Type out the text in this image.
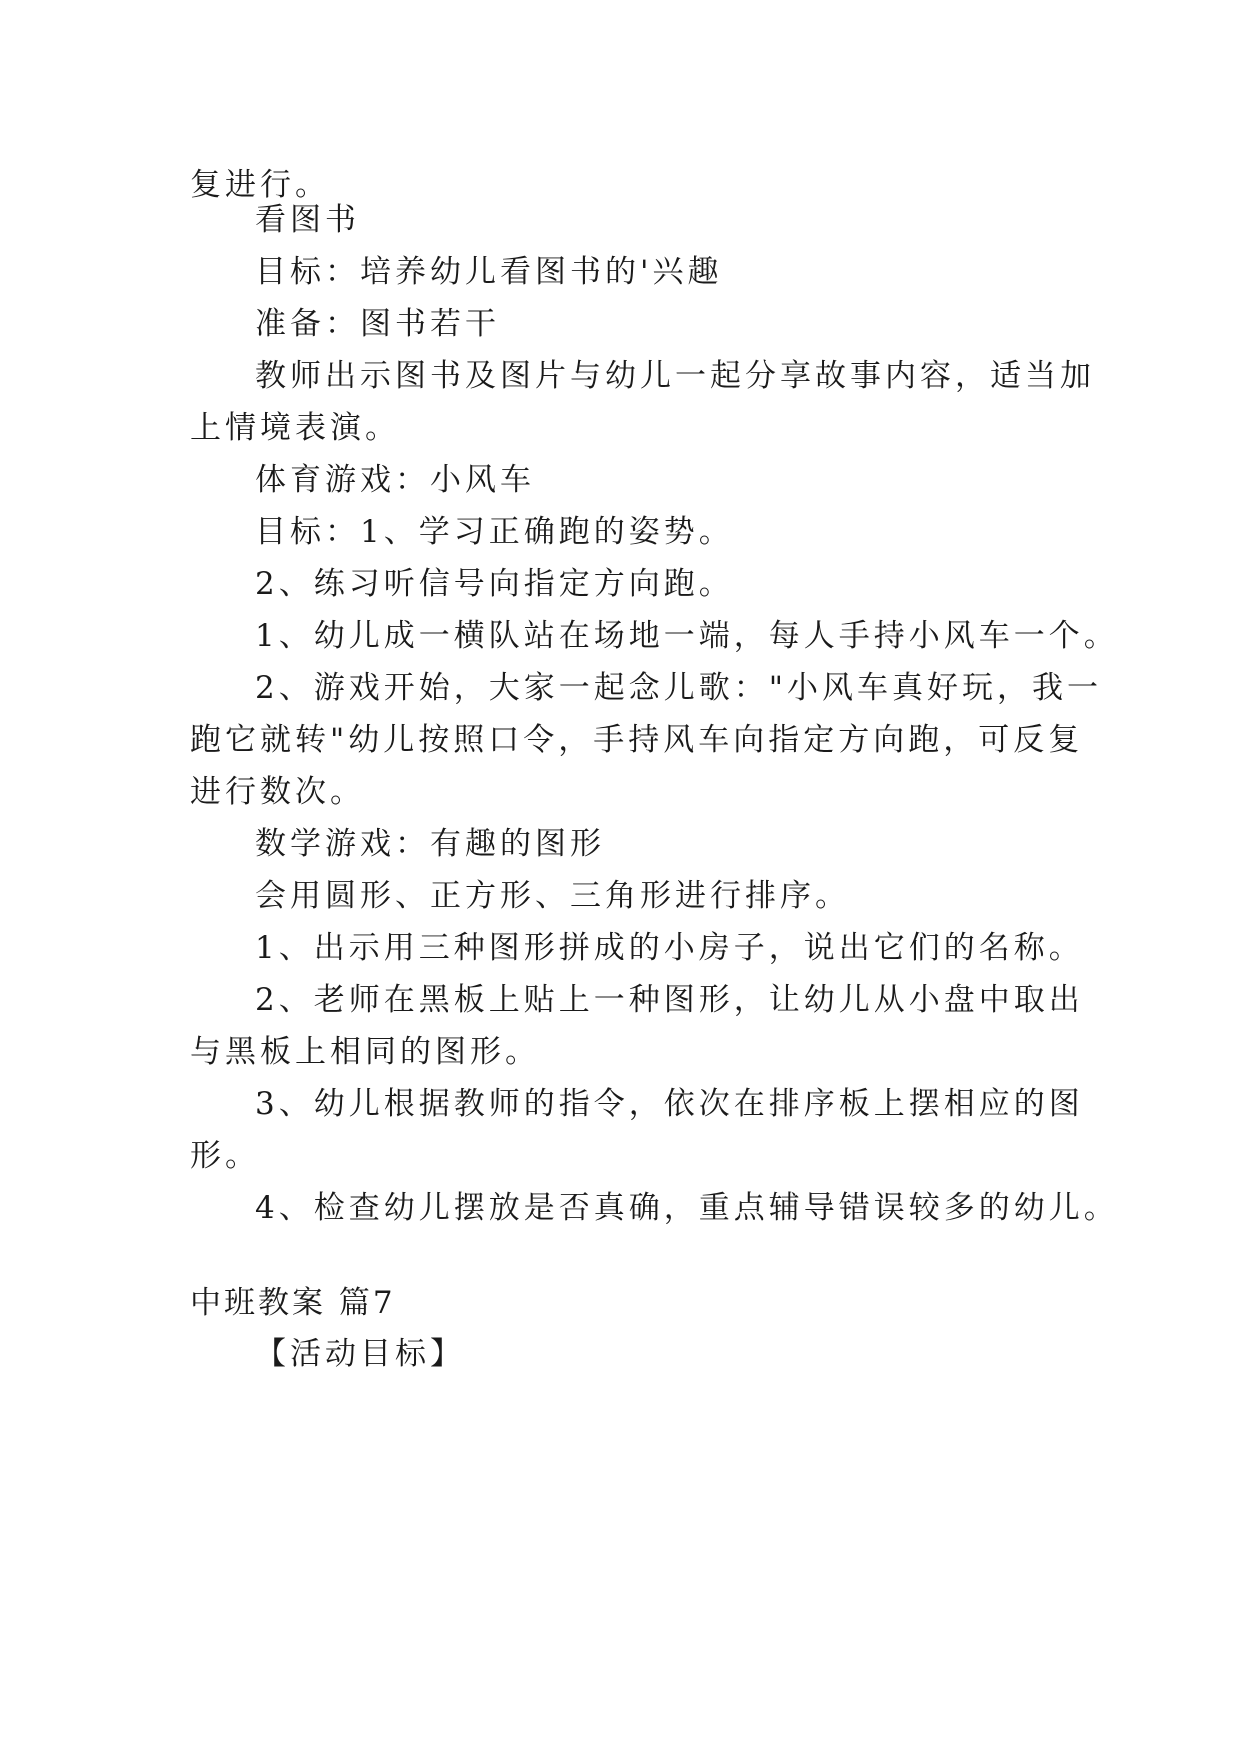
复进行。
看图书
目标：培养幼儿看图书的'兴趣
准备：图书若干
教师出示图书及图片与幼儿一起分享故事内容，适当加
上情境表演。
体育游戏：小风车
目标：1、学习正确跑的姿势。
2、练习听信号向指定方向跑。
1、幼儿成一横队站在场地一端，每人手持小风车一个。
2、游戏开始，大家一起念儿歌："小风车真好玩，我一
跑它就转"幼儿按照口令，手持风车向指定方向跑，可反复
进行数次。
数学游戏：有趣的图形
会用圆形、正方形、三角形进行排序。
1、出示用三种图形拼成的小房子，说出它们的名称。
2、老师在黑板上贴上一种图形，让幼儿从小盘中取出
与黑板上相同的图形。
3、幼儿根据教师的指令，依次在排序板上摆相应的图
形。
4、检查幼儿摆放是否真确，重点辅导错误较多的幼儿。
中班教案 篇7
【活动目标】
